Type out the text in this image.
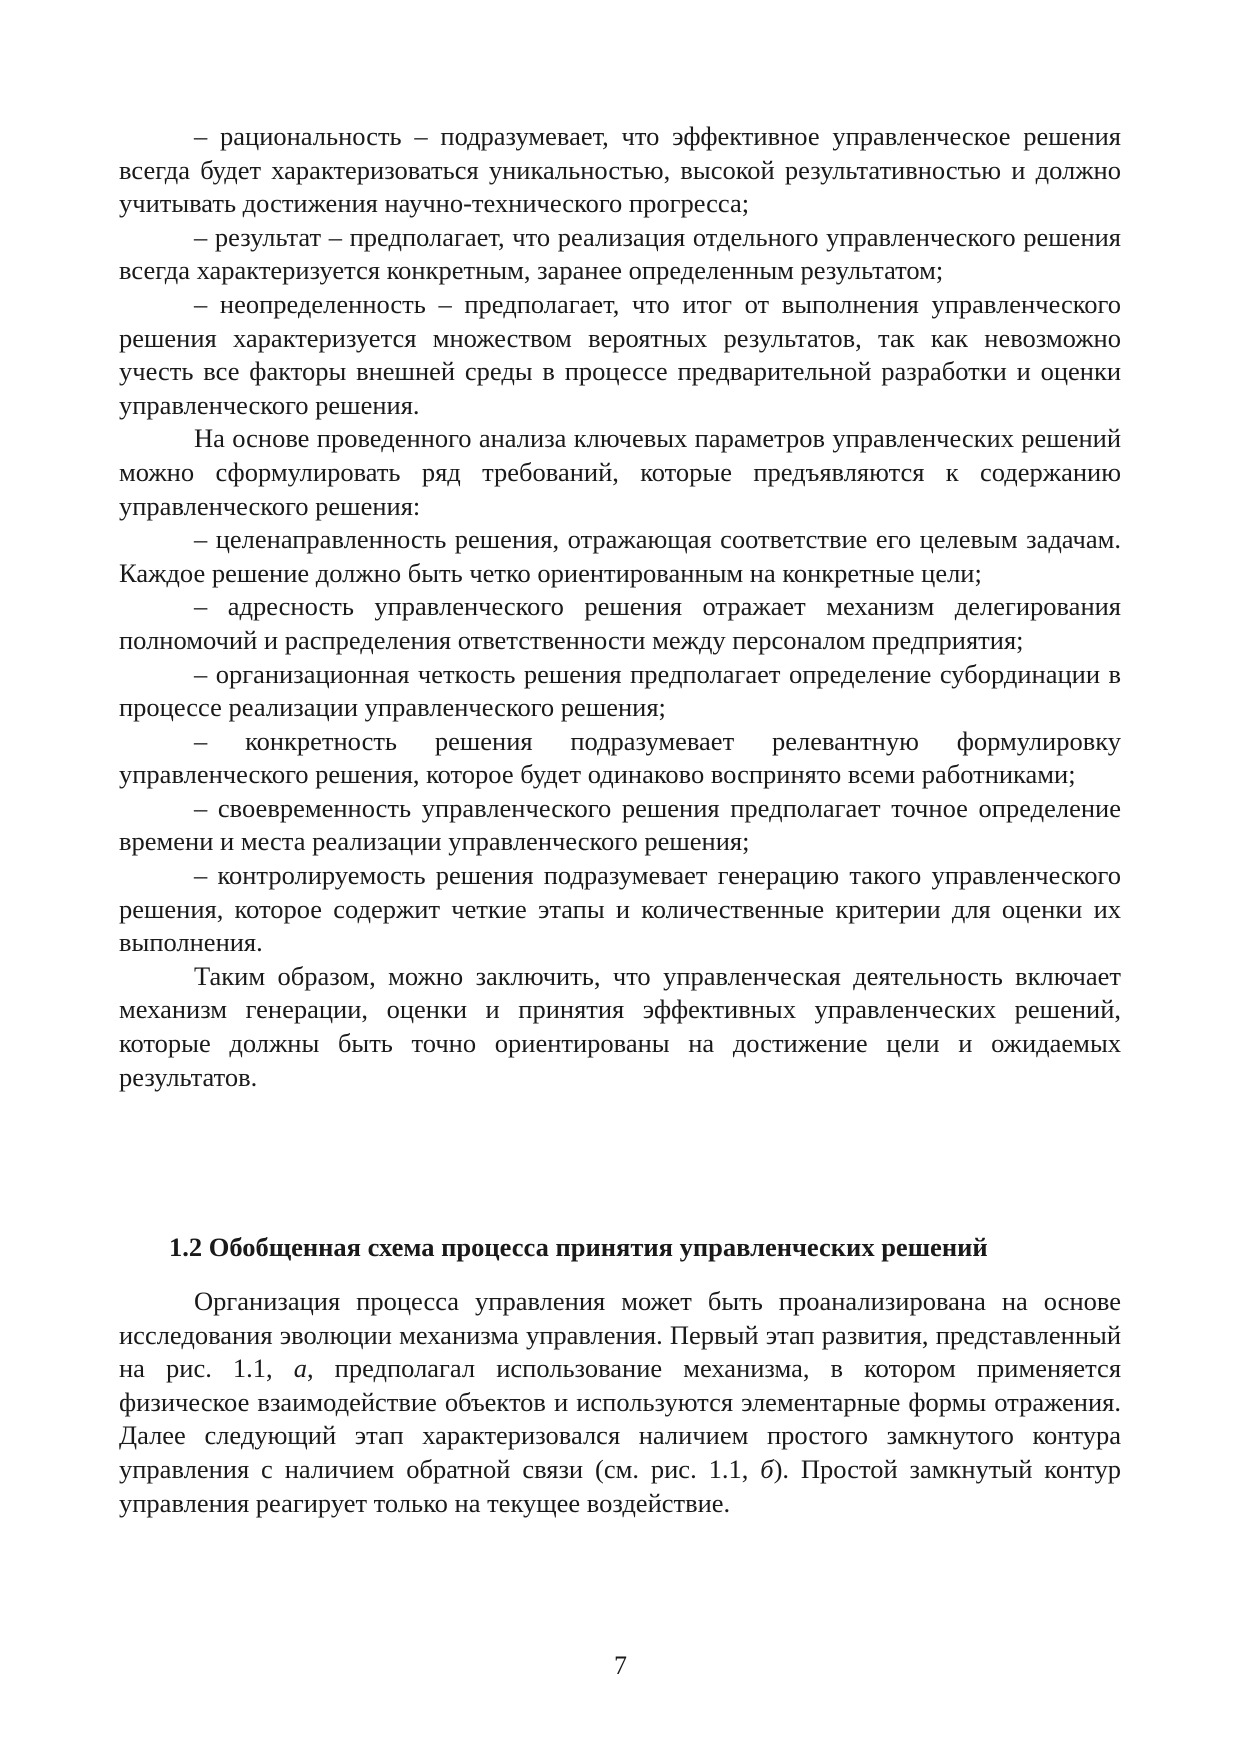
– рациональность – подразумевает, что эффективное управленческое решения всегда будет характеризоваться уникальностью, высокой результативностью и должно учитывать достижения научно-технического прогресса;

– результат – предполагает, что реализация отдельного управленческого решения всегда характеризуется конкретным, заранее определенным результатом;

– неопределенность – предполагает, что итог от выполнения управленческого решения характеризуется множеством вероятных результатов, так как невозможно учесть все факторы внешней среды в процессе предварительной разработки и оценки управленческого решения.

На основе проведенного анализа ключевых параметров управленческих решений можно сформулировать ряд требований, которые предъявляются к содержанию управленческого решения:

– целенаправленность решения, отражающая соответствие его целевым задачам. Каждое решение должно быть четко ориентированным на конкретные цели;

– адресность управленческого решения отражает механизм делегирования полномочий и распределения ответственности между персоналом предприятия;

– организационная четкость решения предполагает определение субординации в процессе реализации управленческого решения;

– конкретность решения подразумевает релевантную формулировку управленческого решения, которое будет одинаково воспринято всеми работниками;

– своевременность управленческого решения предполагает точное определение времени и места реализации управленческого решения;

– контролируемость решения подразумевает генерацию такого управленческого решения, которое содержит четкие этапы и количественные критерии для оценки их выполнения.

Таким образом, можно заключить, что управленческая деятельность включает механизм генерации, оценки и принятия эффективных управленческих решений, которые должны быть точно ориентированы на достижение цели и ожидаемых результатов.

1.2 Обобщенная схема процесса принятия управленческих решений

Организация процесса управления может быть проанализирована на основе исследования эволюции механизма управления. Первый этап развития, представленный на рис. 1.1, а, предполагал использование механизма, в котором применяется физическое взаимодействие объектов и используются элементарные формы отражения. Далее следующий этап характеризовался наличием простого замкнутого контура управления с наличием обратной связи (см. рис. 1.1, б). Простой замкнутый контур управления реагирует только на текущее воздействие.

7
